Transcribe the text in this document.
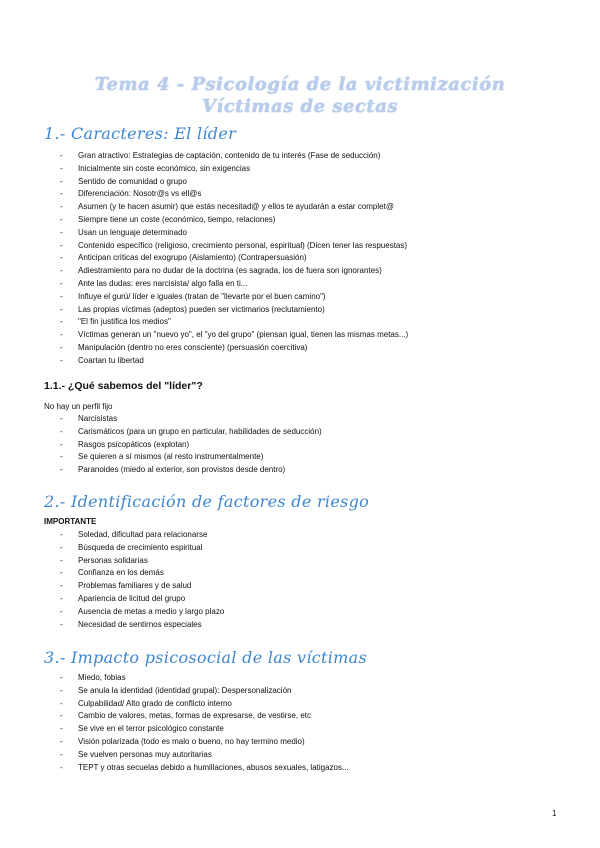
Tema 4 - Psicología de la victimización
Víctimas de sectas
1.- Caracteres: El líder
- Gran atractivo: Estrategias de captación, contenido de tu interés (Fase de seducción)
- Inicialmente sin coste económico, sin exigencias
- Sentido de comunidad o grupo
- Diferenciación: Nosotr@s vs ell@s
- Asumen (y te hacen asumir) que estás necesitad@ y ellos te ayudarán a estar complet@
- Siempre tiene un coste (económico, tiempo, relaciones)
- Usan un lenguaje determinado
- Contenido específico (religioso, crecimiento personal, espiritual) (Dicen tener las respuestas)
- Anticipan críticas del exogrupo (Aislamiento) (Contrapersuasión)
- Adiestramiento para no dudar de la doctrina (es sagrada, los de fuera son ignorantes)
- Ante las dudas: eres narcisista/ algo falla en ti...
- Influye el gurú/ líder e iguales (tratan de "llevarte por el buen camino")
- Las propias víctimas (adeptos) pueden ser victimarios (reclutamiento)
- "El fin justifica los medios"
- Víctimas generan un "nuevo yo", el "yo del grupo" (piensan igual, tienen las mismas metas...)
- Manipulación (dentro no eres consciente) (persuasión coercitiva)
- Coartan tu libertad
1.1.- ¿Qué sabemos del "líder"?
No hay un perfil fijo
- Narcisistas
- Carismáticos (para un grupo en particular, habilidades de seducción)
- Rasgos psicopáticos (explotan)
- Se quieren a sí mismos (al resto instrumentalmente)
- Paranoides (miedo al exterior, son provistos desde dentro)
2.- Identificación de factores de riesgo
IMPORTANTE
- Soledad, dificultad para relacionarse
- Búsqueda de crecimiento espiritual
- Personas solidarias
- Confianza en los demás
- Problemas familiares y de salud
- Apariencia de licitud del grupo
- Ausencia de metas a medio y largo plazo
- Necesidad de sentirnos especiales
3.- Impacto psicosocial de las víctimas
- Miedo, fobias
- Se anula la identidad (identidad grupal): Despersonalización
- Culpabilidad/ Alto grado de conflicto interno
- Cambio de valores, metas, formas de expresarse, de vestirse, etc
- Se vive en el terror psicológico constante
- Visión polarizada (todo es malo o bueno, no hay termino medio)
- Se vuelven personas muy autoritarias
- TEPT y otras secuelas debido a humillaciones, abusos sexuales, latigazos...
1
